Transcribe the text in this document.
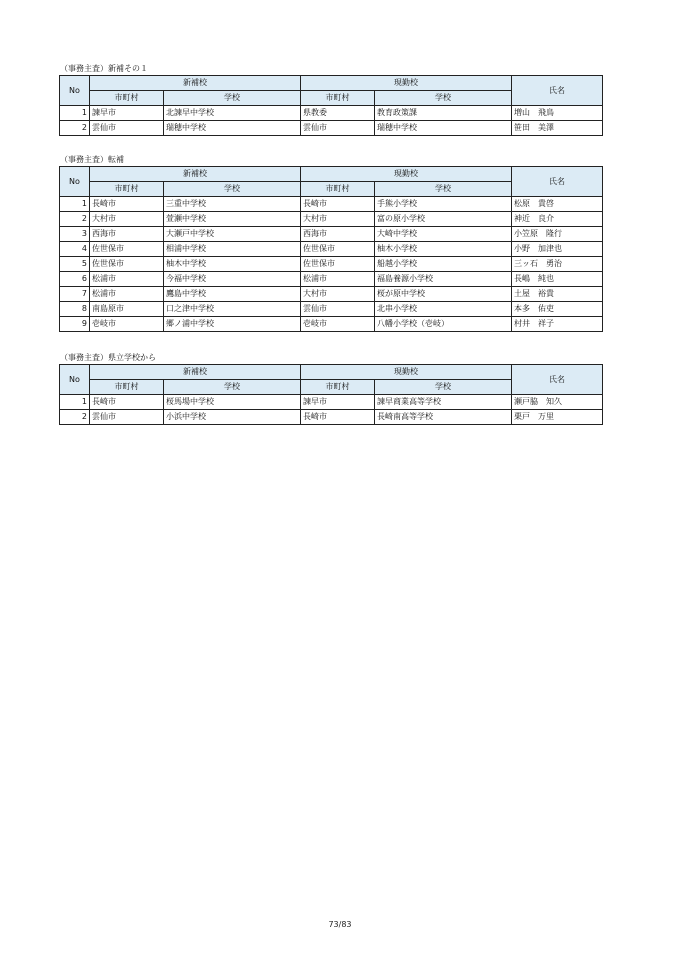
（事務主査）新補その１
No	新補校		現勤校		氏名
	市町村	学校	市町村	学校	
1	諫早市	北諫早中学校	県教委	教育政策課	増山　飛鳥
2	雲仙市	瑞穂中学校	雲仙市	瑞穂中学校	笹田　美澤
（事務主査）転補
No	新補校		現勤校		氏名
	市町村	学校	市町村	学校	
1	長崎市	三重中学校	長崎市	手熊小学校	松原　貴啓
2	大村市	萱瀬中学校	大村市	富の原小学校	神近　良介
3	西海市	大瀬戸中学校	西海市	大崎中学校	小笠原　隆行
4	佐世保市	相浦中学校	佐世保市	柚木小学校	小野　加津也
5	佐世保市	柚木中学校	佐世保市	船越小学校	三ッ石　勇治
6	松浦市	今福中学校	松浦市	福島養源小学校	長嶋　純也
7	松浦市	鷹島中学校	大村市	桜が原中学校	土屋　裕貴
8	南島原市	口之津中学校	雲仙市	北串小学校	本多　佑吏
9	壱岐市	郷ノ浦中学校	壱岐市	八幡小学校（壱岐）	村井　祥子
（事務主査）県立学校から
No	新補校		現勤校		氏名
	市町村	学校	市町村	学校	
1	長崎市	桜馬場中学校	諫早市	諫早商業高等学校	瀬戸脇　知久
2	雲仙市	小浜中学校	長崎市	長崎南高等学校	栗戸　万里
73/83
